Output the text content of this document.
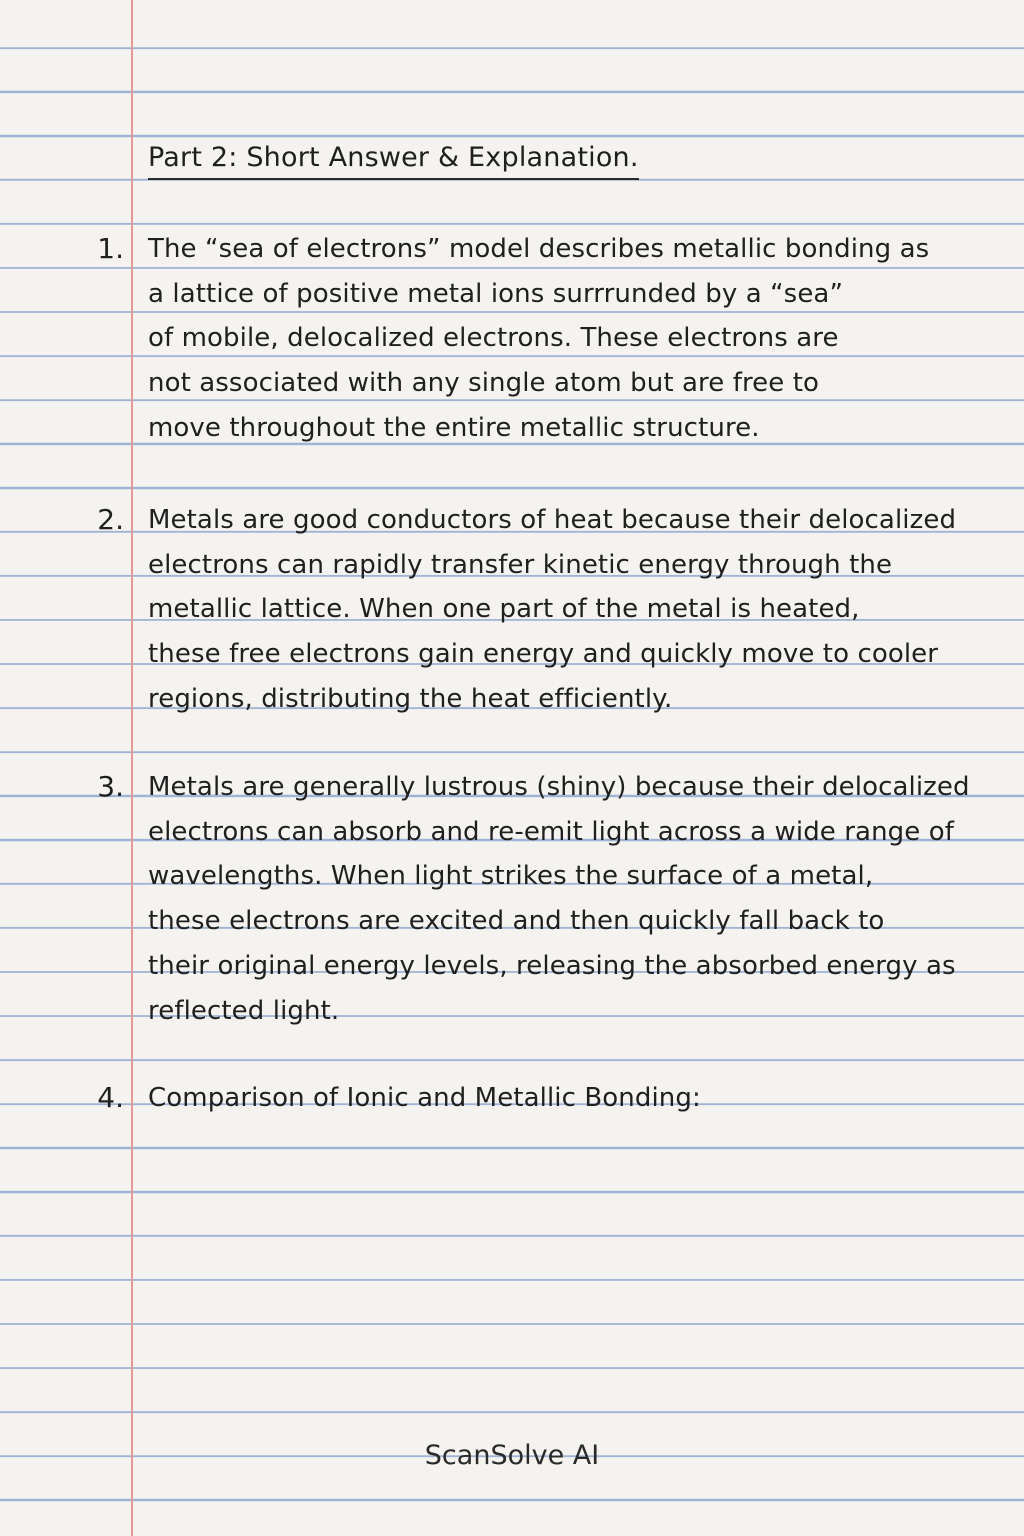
Part 2: Short Answer & Explanation.
1. The “sea of electrons” model describes metallic bonding as
a lattice of positive metal ions surrrunded by a “sea”
of mobile, delocalized electrons. These electrons are
not associated with any single atom but are free to
move throughout the entire metallic structure.
2. Metals are good conductors of heat because their delocalized
electrons can rapidly transfer kinetic energy through the
metallic lattice. When one part of the metal is heated,
these free electrons gain energy and quickly move to cooler
regions, distributing the heat efficiently.
3. Metals are generally lustrous (shiny) because their delocalized
electrons can absorb and re-emit light across a wide range of
wavelengths. When light strikes the surface of a metal,
these electrons are excited and then quickly fall back to
their original energy levels, releasing the absorbed energy as
reflected light.
4. Comparison of Ionic and Metallic Bonding:
ScanSolve AI
